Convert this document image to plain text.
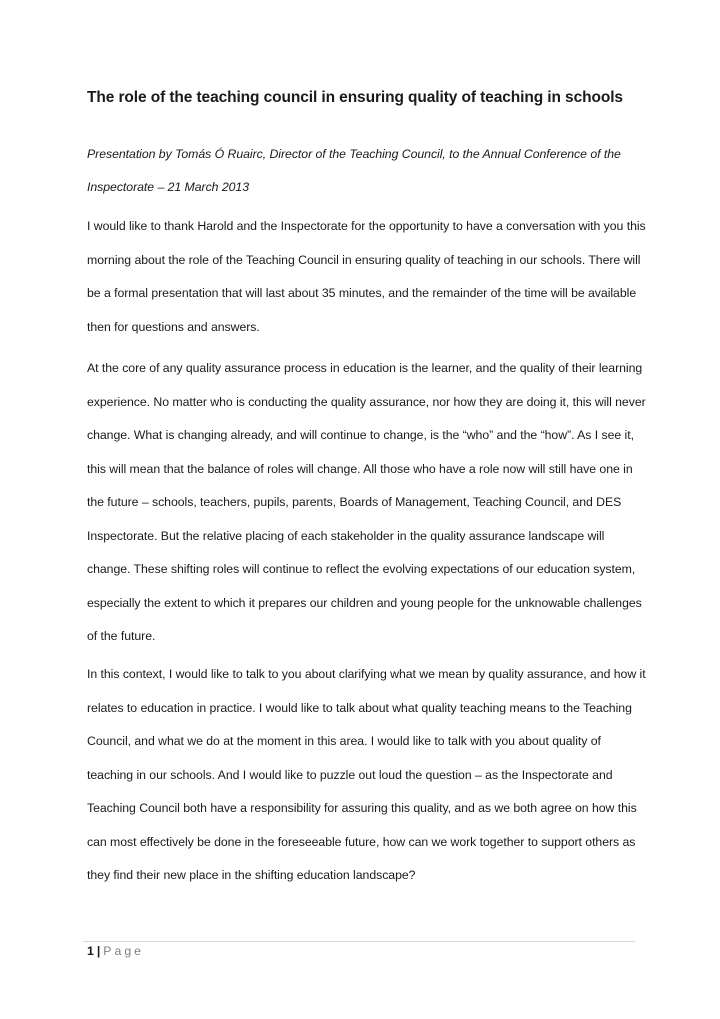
The role of the teaching council in ensuring quality of teaching in schools
Presentation by Tomás Ó Ruairc, Director of the Teaching Council, to the Annual Conference of the Inspectorate – 21 March 2013

I would like to thank Harold and the Inspectorate for the opportunity to have a conversation with you this morning about the role of the Teaching Council in ensuring quality of teaching in our schools. There will be a formal presentation that will last about 35 minutes, and the remainder of the time will be available then for questions and answers.

At the core of any quality assurance process in education is the learner, and the quality of their learning experience. No matter who is conducting the quality assurance, nor how they are doing it, this will never change. What is changing already, and will continue to change, is the “who” and the “how”. As I see it, this will mean that the balance of roles will change. All those who have a role now will still have one in the future – schools, teachers, pupils, parents, Boards of Management, Teaching Council, and DES Inspectorate. But the relative placing of each stakeholder in the quality assurance landscape will change. These shifting roles will continue to reflect the evolving expectations of our education system, especially the extent to which it prepares our children and young people for the unknowable challenges of the future.

In this context, I would like to talk to you about clarifying what we mean by quality assurance, and how it relates to education in practice. I would like to talk about what quality teaching means to the Teaching Council, and what we do at the moment in this area. I would like to talk with you about quality of teaching in our schools. And I would like to puzzle out loud the question – as the Inspectorate and Teaching Council both have a responsibility for assuring this quality, and as we both agree on how this can most effectively be done in the foreseeable future, how can we work together to support others as they find their new place in the shifting education landscape?

1 | Page
